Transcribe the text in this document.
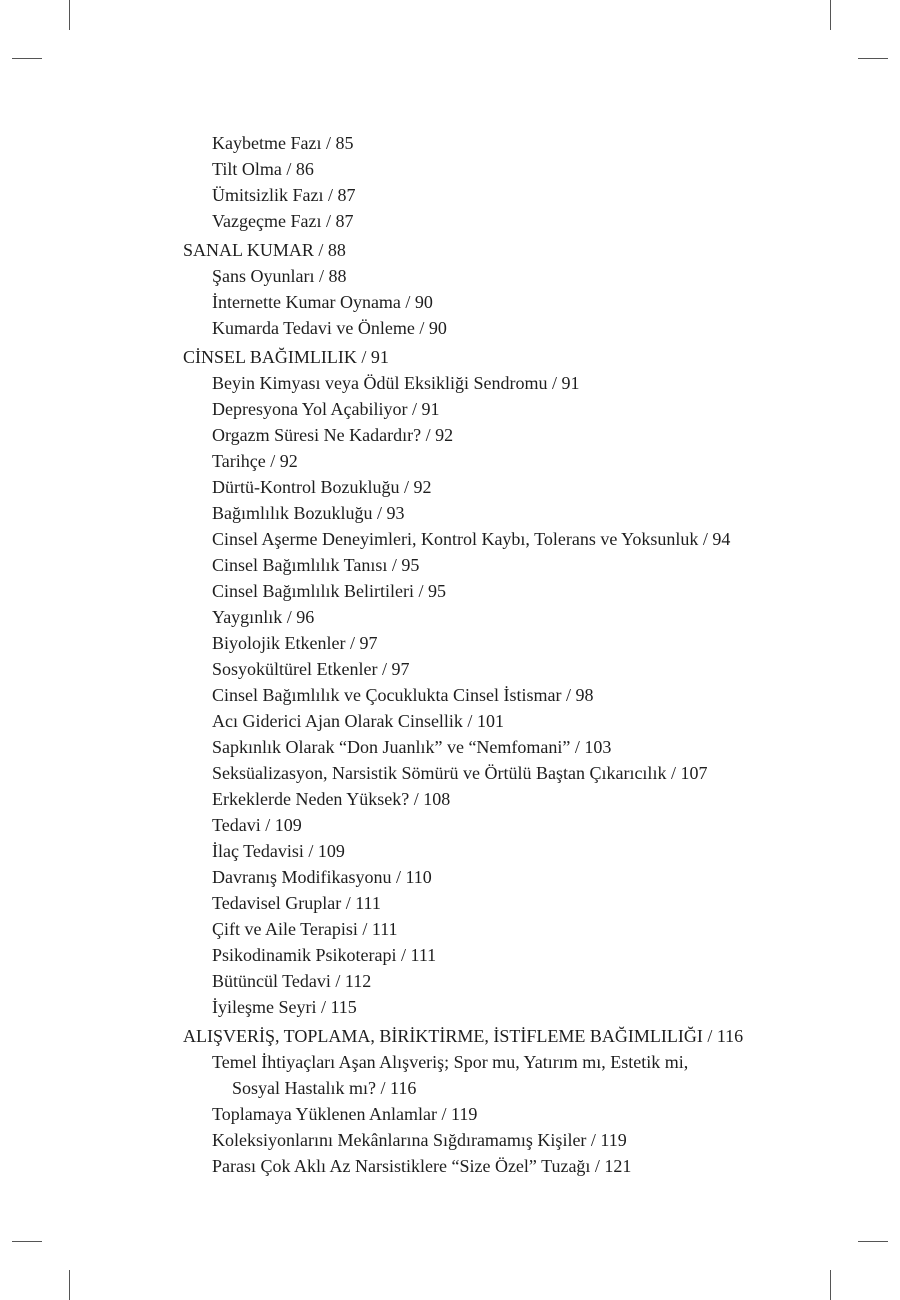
Kaybetme Fazı / 85
Tilt Olma / 86
Ümitsizlik Fazı / 87
Vazgeçme Fazı / 87
SANAL KUMAR / 88
Şans Oyunları / 88
İnternette Kumar Oynama / 90
Kumarda Tedavi ve Önleme / 90
CİNSEL BAĞIMLILIK / 91
Beyin Kimyası veya Ödül Eksikliği Sendromu / 91
Depresyona Yol Açabiliyor / 91
Orgazm Süresi Ne Kadardır? / 92
Tarihçe / 92
Dürtü-Kontrol Bozukluğu / 92
Bağımlılık Bozukluğu / 93
Cinsel Aşerme Deneyimleri, Kontrol Kaybı, Tolerans ve Yoksunluk / 94
Cinsel Bağımlılık Tanısı / 95
Cinsel Bağımlılık Belirtileri / 95
Yaygınlık / 96
Biyolojik Etkenler / 97
Sosyokültürel Etkenler / 97
Cinsel Bağımlılık ve Çocuklukta Cinsel İstismar / 98
Acı Giderici Ajan Olarak Cinsellik / 101
Sapkınlık Olarak “Don Juanlık” ve “Nemfomani” / 103
Seksüalizasyon, Narsistik Sömürü ve Örtülü Baştan Çıkarıcılık / 107
Erkeklerde Neden Yüksek? / 108
Tedavi / 109
İlaç Tedavisi / 109
Davranış Modifikasyonu / 110
Tedavisel Gruplar / 111
Çift ve Aile Terapisi / 111
Psikodinamik Psikoterapi / 111
Bütüncül Tedavi / 112
İyileşme Seyri / 115
ALIŞVERİŞ, TOPLAMA, BİRİKTİRME, İSTİFLEME BAĞIMLILIĞI / 116
Temel İhtiyaçları Aşan Alışveriş; Spor mu, Yatırım mı, Estetik mi,
Sosyal Hastalık mı? / 116
Toplamaya Yüklenen Anlamlar / 119
Koleksiyonlarını Mekânlarına Sığdıramamış Kişiler / 119
Parası Çok Aklı Az Narsistiklere “Size Özel” Tuzağı / 121
